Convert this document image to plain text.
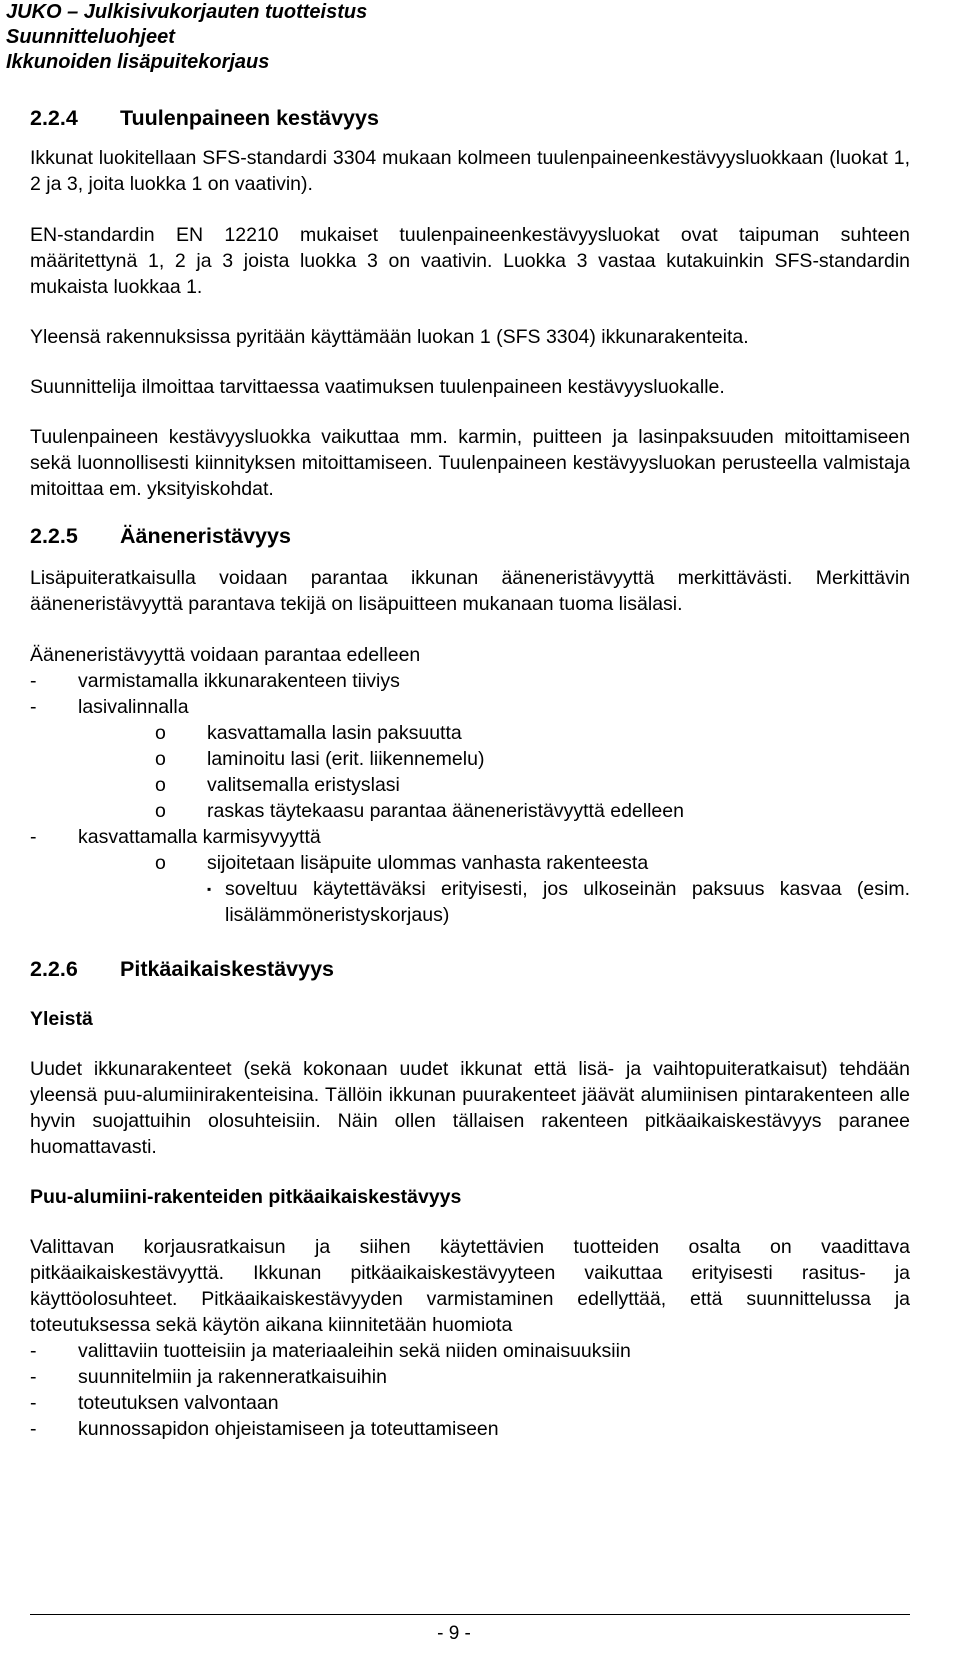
JUKO – Julkisivukorjauten tuotteistus
Suunnitteluohjeet
Ikkunoiden lisäpuitekorjaus
2.2.4	Tuulenpaineen kestävyys

Ikkunat luokitellaan SFS-standardi 3304 mukaan kolmeen tuulenpaineenkestävyysluokkaan (luokat 1, 2 ja 3, joita luokka 1 on vaativin).

EN-standardin EN 12210 mukaiset tuulenpaineenkestävyysluokat ovat taipuman suhteen määritettynä 1, 2 ja 3 joista luokka 3 on vaativin. Luokka 3 vastaa kutakuinkin SFS-standardin mukaista luokkaa 1.

Yleensä rakennuksissa pyritään käyttämään luokan 1 (SFS 3304) ikkunarakenteita.

Suunnittelija ilmoittaa tarvittaessa vaatimuksen tuulenpaineen kestävyysluokalle.

Tuulenpaineen kestävyysluokka vaikuttaa mm. karmin, puitteen ja lasinpaksuuden mitoittamiseen sekä luonnollisesti kiinnityksen mitoittamiseen. Tuulenpaineen kestävyysluokan perusteella valmistaja mitoittaa em. yksityiskohdat.

2.2.5	Ääneneristävyys

Lisäpuiteratkaisulla voidaan parantaa ikkunan ääneneristävyyttä merkittävästi. Merkittävin ääneneristävyyttä parantava tekijä on lisäpuitteen mukanaan tuoma lisälasi.

Ääneneristävyyttä voidaan parantaa edelleen

-	varmistamalla ikkunarakenteen tiiviys
-	lasivalinnalla
o	kasvattamalla lasin paksuutta
o	laminoitu lasi (erit. liikennemelu)
o	valitsemalla eristyslasi
o	raskas täytekaasu parantaa ääneneristävyyttä edelleen
-	kasvattamalla karmisyvyyttä
o	sijoitetaan lisäpuite ulommas vanhasta rakenteesta
▪ soveltuu käytettäväksi erityisesti, jos ulkoseinän paksuus kasvaa (esim. lisälämmöneristyskorjaus)
2.2.6	Pitkäaikaiskestävyys

Yleistä

Uudet ikkunarakenteet (sekä kokonaan uudet ikkunat että lisä- ja vaihtopuiteratkaisut) tehdään yleensä puu-alumiinirakenteisina. Tällöin ikkunan puurakenteet jäävät alumiinisen pintarakenteen alle hyvin suojattuihin olosuhteisiin. Näin ollen tällaisen rakenteen pitkäaikaiskestävyys paranee huomattavasti.

Puu-alumiini-rakenteiden pitkäaikaiskestävyys

Valittavan korjausratkaisun ja siihen käytettävien tuotteiden osalta on vaadittava pitkäaikaiskestävyyttä. Ikkunan pitkäaikaiskestävyyteen vaikuttaa erityisesti rasitus- ja käyttöolosuhteet. Pitkäaikaiskestävyyden varmistaminen edellyttää, että suunnittelussa ja toteutuksessa sekä käytön aikana kiinnitetään huomiota

-	valittaviin tuotteisiin ja materiaaleihin sekä niiden ominaisuuksiin
-	suunnitelmiin ja rakenneratkaisuihin
-	toteutuksen valvontaan
-	kunnossapidon ohjeistamiseen ja toteuttamiseen
- 9 -
